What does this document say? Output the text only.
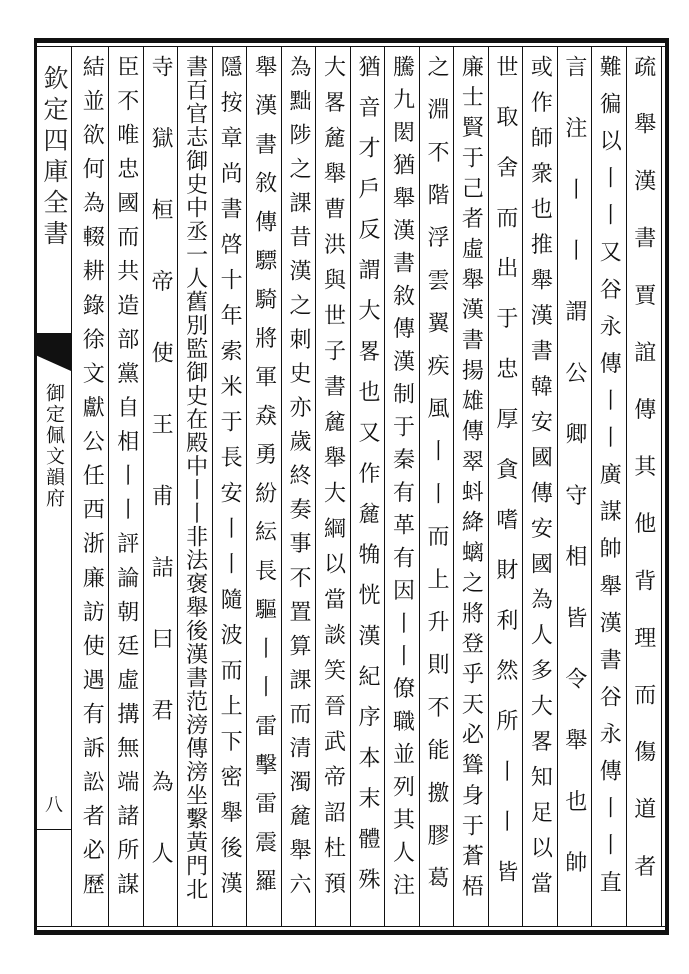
欽定四庫全書
御定佩文韻府
八	疏舉漢書賈誼傳其他背理而傷道者
難徧以丨丨又谷永傳丨丨廣謀帥舉漢書谷永傳丨丨直
言注丨丨謂公卿守相皆令舉也帥
或作師衆也推舉漢書韓安國傳安國為人多大畧知足以當
世取舍而出于忠厚貪嗜財利然所丨丨皆
廉士賢于己者虛舉漢書揚雄傳翠蚪絳螭之將登乎天必聳身于蒼梧
之淵不階浮雲翼疾風丨丨而上升則不能撽膠葛
騰九閎猶舉漢書敘傳漢制于秦有革有因丨丨僚職並列其人注
猶音才戶反謂大畧也又作麄觕恍漢紀序本末體殊
大畧麄舉曹洪與世子書麄舉大綱以當談笑晉武帝詔杜預
為黜陟之課昔漢之刺史亦歲終奏事不置算課而清濁麄舉六
舉漢書敘傳驃騎將軍猋勇紛紜長驅丨丨雷擊雷震羅
隱按章尚書啓十年索米于長安丨丨隨波而上下密舉後漢
書百官志御史中丞一人舊別監御史在殿中丨丨非法褒舉後漢書范滂傳滂坐繫黃門北
寺獄桓帝使王甫詰曰君為人
臣不唯忠國而共造部黨自相丨丨評論朝廷虛搆無端諸所謀
結並欲何為輟耕錄徐文獻公任西浙廉訪使遇有訴訟者必歷
